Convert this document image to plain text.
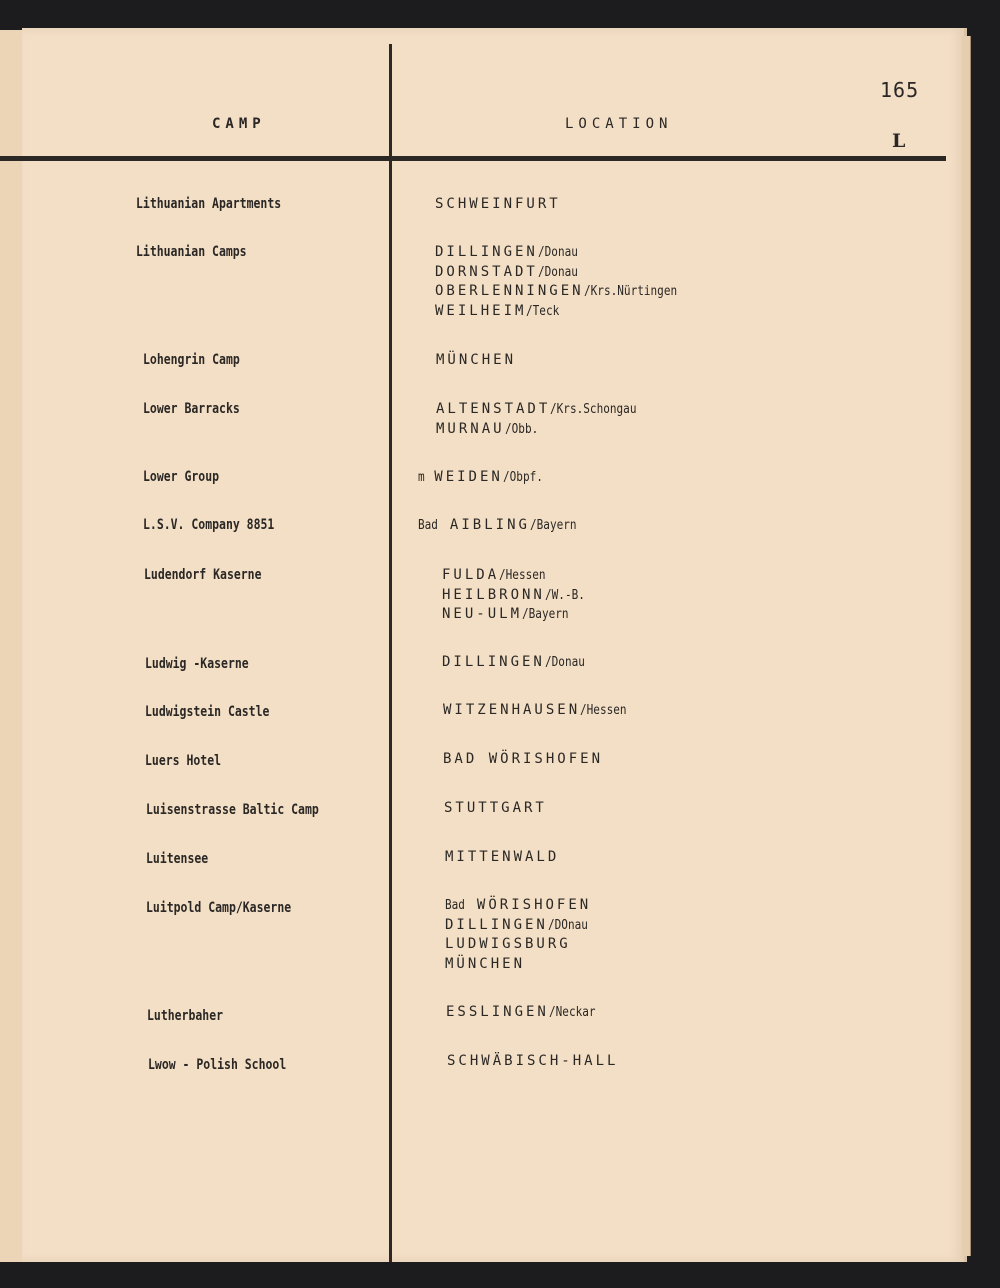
CAMP	LOCATION
165
L
Lithuanian Apartments	SCHWEINFURT
Lithuanian Camps	DILLINGEN/Donau
DORNSTADT/Donau
OBERLENNINGEN/Krs.Nürtingen
WEILHEIM/Teck
Lohengrin Camp	MÜNCHEN
Lower Barracks	ALTENSTADT/Krs.Schongau
MURNAU/Obb.
Lower Group	m WEIDEN/Obpf.
L.S.V. Company 8851	Bad AIBLING/Bayern
Ludendorf Kaserne	FULDA/Hessen
HEILBRONN/W.-B.
NEU-ULM/Bayern
Ludwig -Kaserne	DILLINGEN/Donau
Ludwigstein Castle	WITZENHAUSEN/Hessen
Luers Hotel	BAD WÖRISHOFEN
Luisenstrasse Baltic Camp	STUTTGART
Luitensee	MITTENWALD
Luitpold Camp/Kaserne	Bad WÖRISHOFEN
DILLINGEN/DOnau
LUDWIGSBURG
MÜNCHEN
Lutherbaher	ESSLINGEN/Neckar
Lwow - Polish School	SCHWÄBISCH-HALL
